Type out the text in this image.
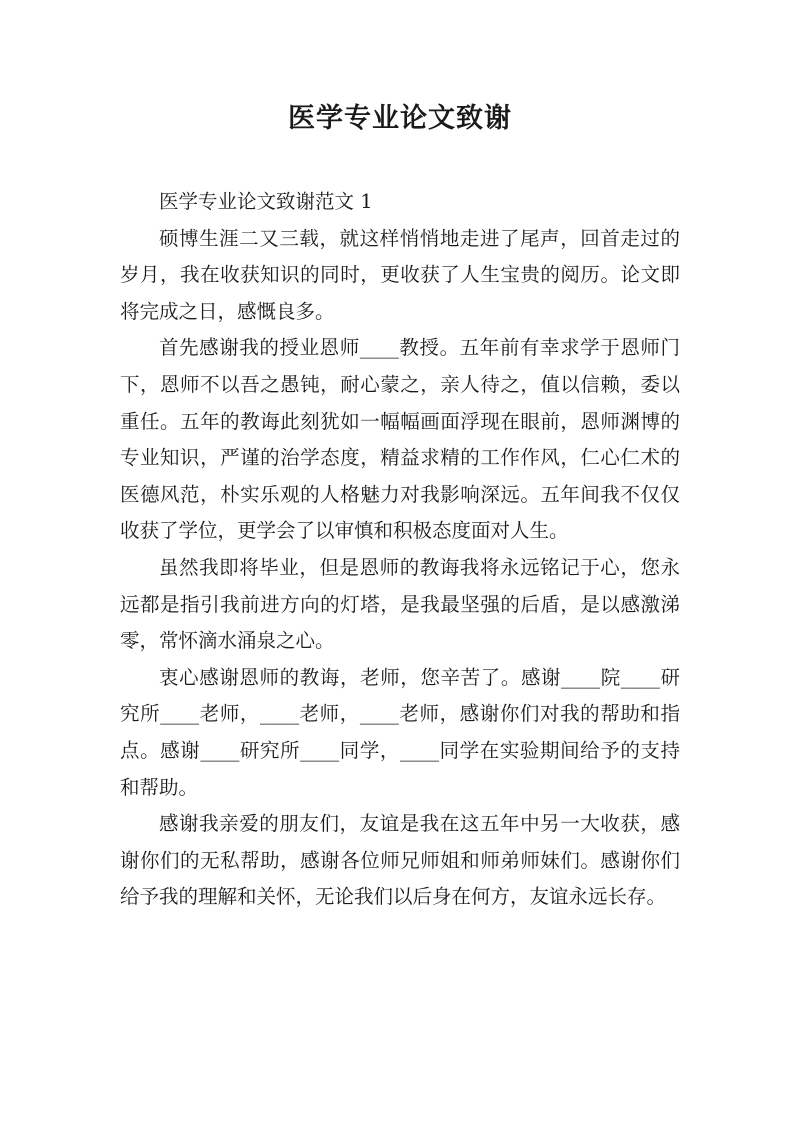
医学专业论文致谢

医学专业论文致谢范文 1

硕博生涯二又三载，就这样悄悄地走进了尾声，回首走过的岁月，我在收获知识的同时，更收获了人生宝贵的阅历。论文即将完成之日，感慨良多。

首先感谢我的授业恩师____教授。五年前有幸求学于恩师门下，恩师不以吾之愚钝，耐心蒙之，亲人待之，值以信赖，委以重任。五年的教诲此刻犹如一幅幅画面浮现在眼前，恩师渊博的专业知识，严谨的治学态度，精益求精的工作作风，仁心仁术的医德风范，朴实乐观的人格魅力对我影响深远。五年间我不仅仅收获了学位，更学会了以审慎和积极态度面对人生。

虽然我即将毕业，但是恩师的教诲我将永远铭记于心，您永远都是指引我前进方向的灯塔，是我最坚强的后盾，是以感激涕零，常怀滴水涌泉之心。

衷心感谢恩师的教诲，老师，您辛苦了。感谢____院____研究所____老师，____老师，____老师，感谢你们对我的帮助和指点。感谢____研究所____同学，____同学在实验期间给予的支持和帮助。

感谢我亲爱的朋友们，友谊是我在这五年中另一大收获，感谢你们的无私帮助，感谢各位师兄师姐和师弟师妹们。感谢你们给予我的理解和关怀，无论我们以后身在何方，友谊永远长存。
